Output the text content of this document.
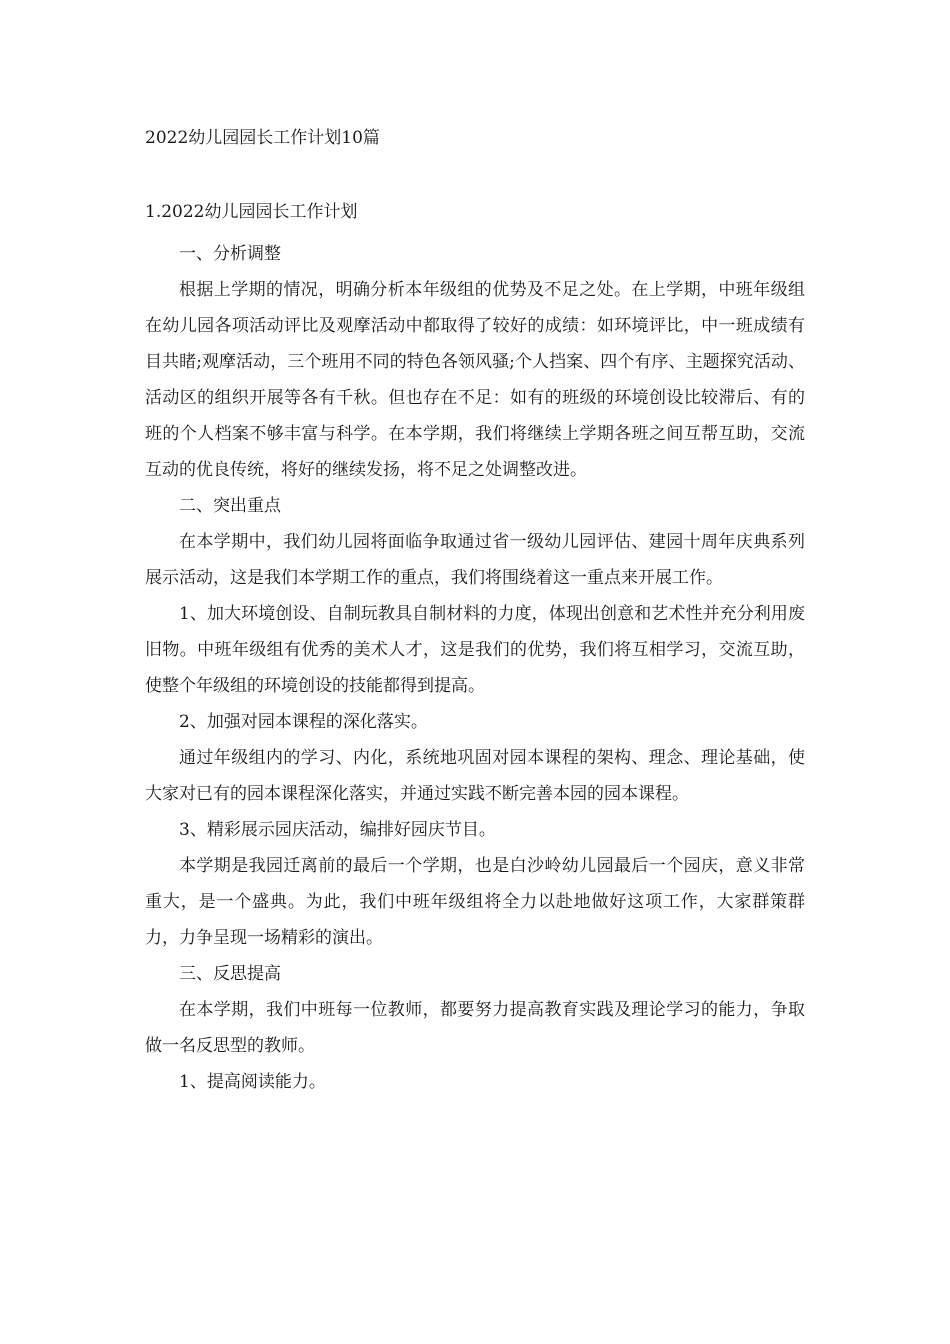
2022幼儿园园长工作计划10篇

1.2022幼儿园园长工作计划

一、分析调整

根据上学期的情况，明确分析本年级组的优势及不足之处。在上学期，中班年级组在幼儿园各项活动评比及观摩活动中都取得了较好的成绩：如环境评比，中一班成绩有目共睹;观摩活动，三个班用不同的特色各领风骚;个人挡案、四个有序、主题探究活动、活动区的组织开展等各有千秋。但也存在不足：如有的班级的环境创设比较滞后、有的班的个人档案不够丰富与科学。在本学期，我们将继续上学期各班之间互帮互助，交流互动的优良传统，将好的继续发扬，将不足之处调整改进。

二、突出重点

在本学期中，我们幼儿园将面临争取通过省一级幼儿园评估、建园十周年庆典系列展示活动，这是我们本学期工作的重点，我们将围绕着这一重点来开展工作。

1、加大环境创设、自制玩教具自制材料的力度，体现出创意和艺术性并充分利用废旧物。中班年级组有优秀的美术人才，这是我们的优势，我们将互相学习，交流互助，使整个年级组的环境创设的技能都得到提高。

2、加强对园本课程的深化落实。

通过年级组内的学习、内化，系统地巩固对园本课程的架构、理念、理论基础，使大家对已有的园本课程深化落实，并通过实践不断完善本园的园本课程。

3、精彩展示园庆活动，编排好园庆节目。

本学期是我园迁离前的最后一个学期，也是白沙岭幼儿园最后一个园庆，意义非常重大，是一个盛典。为此，我们中班年级组将全力以赴地做好这项工作，大家群策群力，力争呈现一场精彩的演出。

三、反思提高

在本学期，我们中班每一位教师，都要努力提高教育实践及理论学习的能力，争取做一名反思型的教师。

1、提高阅读能力。
